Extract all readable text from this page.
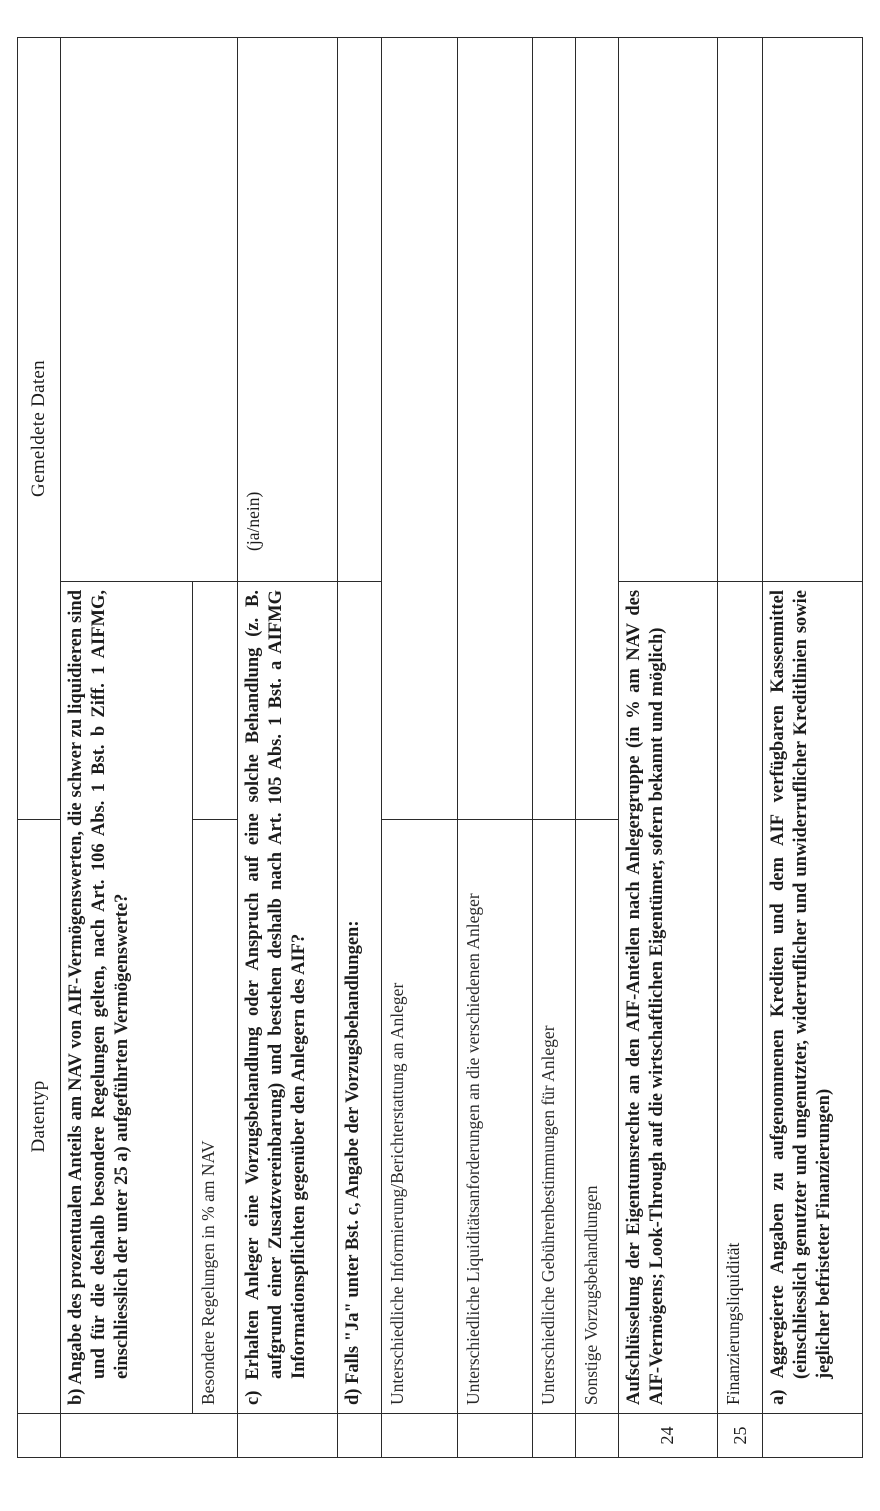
	Datentyp	Gemeldete Daten	
	b) Angabe des prozentualen Anteils am NAV von AIF-Vermögenswerten, die schwer zu liquidieren sind und für die deshalb besondere Regelungen gelten, nach Art. 106 Abs. 1 Bst. b Ziff. 1 AIFMG, einschliesslich der unter 25 a) aufgeführten Vermögenswerte?		
	Besondere Regelungen in % am NAV		
	c) Erhalten Anleger eine Vorzugsbehandlung oder Anspruch auf eine solche Behandlung (z. B. aufgrund einer Zusatzvereinbarung) und bestehen deshalb nach Art. 105 Abs. 1 Bst. a AIFMG Informationspflichten gegenüber den Anlegern des AIF?		(ja/nein)
	d) Falls "Ja" unter Bst. c, Angabe der Vorzugsbehandlungen:		
	Unterschiedliche Informierung/Berichterstattung an Anleger		
	Unterschiedliche Liquiditätsanforderungen an die verschiedenen Anleger		
	Unterschiedliche Gebührenbestimmungen für Anleger		
	Sonstige Vorzugsbehandlungen		
24	Aufschlüsselung der Eigentumsrechte an den AIF-Anteilen nach Anlegergruppe (in % am NAV des AIF-Vermögens; Look-Through auf die wirtschaftlichen Eigentümer, sofern bekannt und möglich)		
25	Finanzierungsliquidität		
	a) Aggregierte Angaben zu aufgenommenen Krediten und dem AIF verfügbaren Kassenmittel (einschliesslich genutzter und ungenutzter, widerruflicher und unwiderruflicher Kreditlinien sowie jeglicher befristeter Finanzierungen)		
